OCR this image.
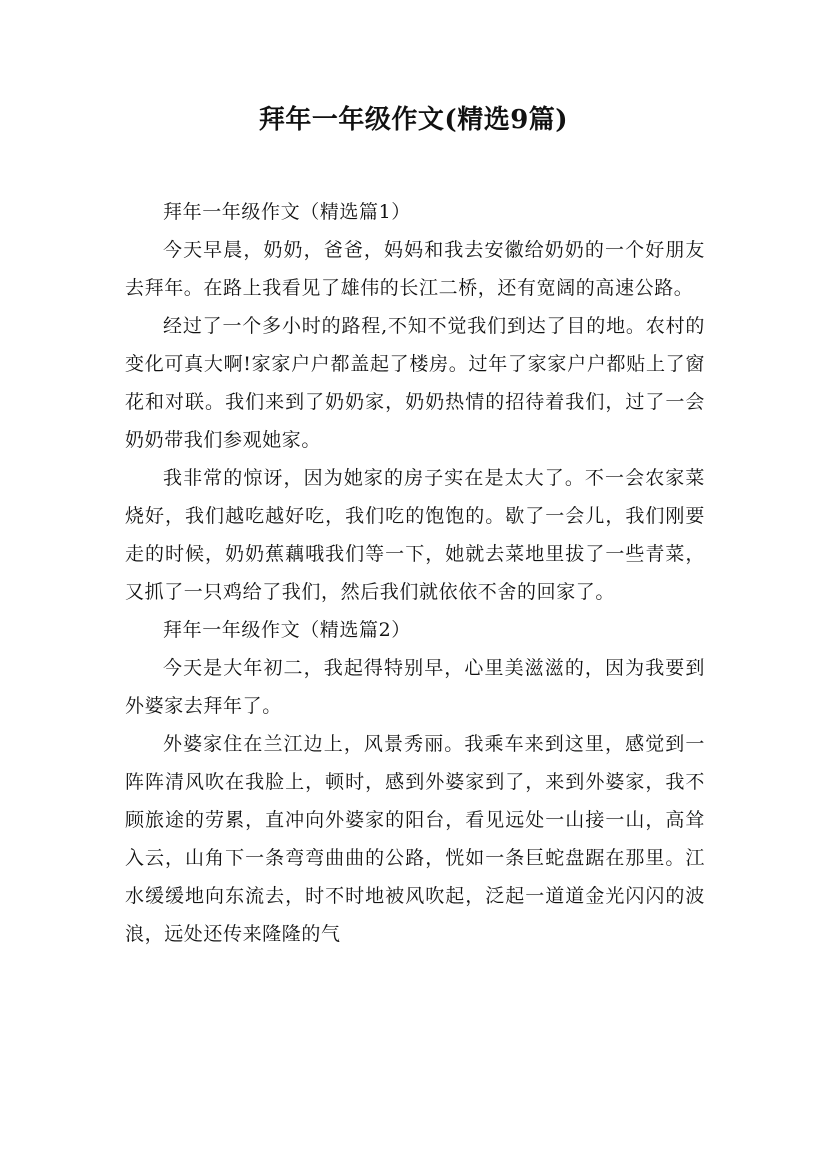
拜年一年级作文(精选9篇)

拜年一年级作文（精选篇1）

今天早晨，奶奶，爸爸，妈妈和我去安徽给奶奶的一个好朋友去拜年。在路上我看见了雄伟的长江二桥，还有宽阔的高速公路。

经过了一个多小时的路程,不知不觉我们到达了目的地。农村的变化可真大啊!家家户户都盖起了楼房。过年了家家户户都贴上了窗花和对联。我们来到了奶奶家，奶奶热情的招待着我们，过了一会奶奶带我们参观她家。

我非常的惊讶，因为她家的房子实在是太大了。不一会农家菜烧好，我们越吃越好吃，我们吃的饱饱的。歇了一会儿，我们刚要走的时候，奶奶蕉藕哦我们等一下，她就去菜地里拔了一些青菜，又抓了一只鸡给了我们，然后我们就依依不舍的回家了。

拜年一年级作文（精选篇2）

今天是大年初二，我起得特别早，心里美滋滋的，因为我要到外婆家去拜年了。

外婆家住在兰江边上，风景秀丽。我乘车来到这里，感觉到一阵阵清风吹在我脸上，顿时，感到外婆家到了，来到外婆家，我不顾旅途的劳累，直冲向外婆家的阳台，看见远处一山接一山，高耸入云，山角下一条弯弯曲曲的公路，恍如一条巨蛇盘踞在那里。江水缓缓地向东流去，时不时地被风吹起，泛起一道道金光闪闪的波浪，远处还传来隆隆的气
